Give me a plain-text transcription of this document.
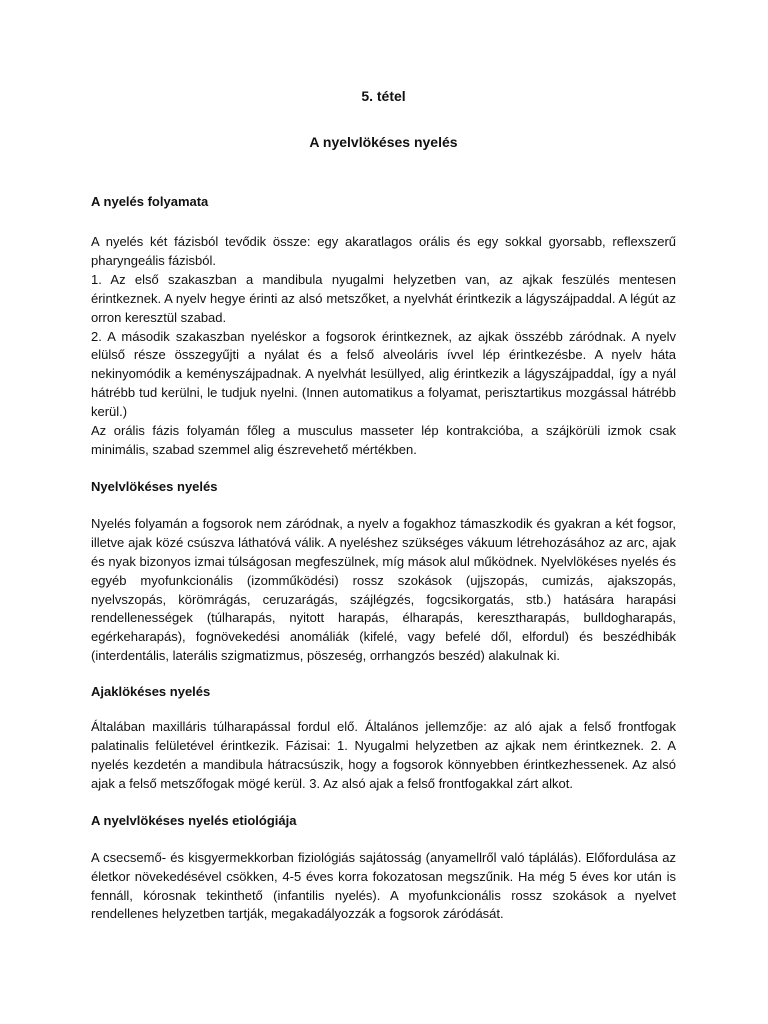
5. tétel
A nyelvlökéses nyelés
A nyelés folyamata
A nyelés két fázisból tevődik össze: egy akaratlagos orális és egy sokkal gyorsabb, reflexszerű pharyngeális fázisból.
1. Az első szakaszban a mandibula nyugalmi helyzetben van, az ajkak feszülés mentesen érintkeznek. A nyelv hegye érinti az alsó metszőket, a nyelvhát érintkezik a lágyszájpaddal. A légút az orron keresztül szabad.
2. A második szakaszban nyeléskor a fogsorok érintkeznek, az ajkak összébb záródnak. A nyelv elülső része összegyűjti a nyálat és a felső alveoláris ívvel lép érintkezésbe. A nyelv háta nekinyomódik a keményszájpadnak. A nyelvhát lesüllyed, alig érintkezik a lágyszájpaddal, így a nyál hátrébb tud kerülni, le tudjuk nyelni. (Innen automatikus a folyamat, perisztartikus mozgással hátrébb kerül.)
Az orális fázis folyamán főleg a musculus masseter lép kontrakcióba, a szájkörüli izmok csak minimális, szabad szemmel alig észrevehető mértékben.
Nyelvlökéses nyelés
Nyelés folyamán a fogsorok nem záródnak, a nyelv a fogakhoz támaszkodik és gyakran a két fogsor, illetve ajak közé csúszva láthatóvá válik. A nyeléshez szükséges vákuum létrehozásához az arc, ajak és nyak bizonyos izmai túlságosan megfeszülnek, míg mások alul működnek. Nyelvlökéses nyelés és egyéb myofunkcionális (izomműködési) rossz szokások (ujjszopás, cumizás, ajakszopás, nyelvszopás, körömrágás, ceruzarágás, szájlégzés, fogcsikorgatás, stb.) hatására harapási rendellenességek (túlharapás, nyitott harapás, élharapás, keresztharapás, bulldogharapás, egérkeharapás), fognövekedési anomáliák (kifelé, vagy befelé dől, elfordul) és beszédhibák (interdentális, laterális szigmatizmus, pöszeség, orrhangzós beszéd) alakulnak ki.
Ajaklökéses nyelés
Általában maxilláris túlharapással fordul elő. Általános jellemzője: az aló ajak a felső frontfogak palatinalis felületével érintkezik. Fázisai: 1. Nyugalmi helyzetben az ajkak nem érintkeznek. 2. A nyelés kezdetén a mandibula hátracsúszik, hogy a fogsorok könnyebben érintkezhessenek. Az alsó ajak a felső metszőfogak mögé kerül. 3. Az alsó ajak a felső frontfogakkal zárt alkot.
A nyelvlökéses nyelés etiológiája
A csecsemő- és kisgyermekkorban fiziológiás sajátosság (anyamellről való táplálás). Előfordulása az életkor növekedésével csökken, 4-5 éves korra fokozatosan megszűnik. Ha még 5 éves kor után is fennáll, kórosnak tekinthető (infantilis nyelés). A myofunkcionális rossz szokások a nyelvet rendellenes helyzetben tartják, megakadályozzák a fogsorok záródását.
